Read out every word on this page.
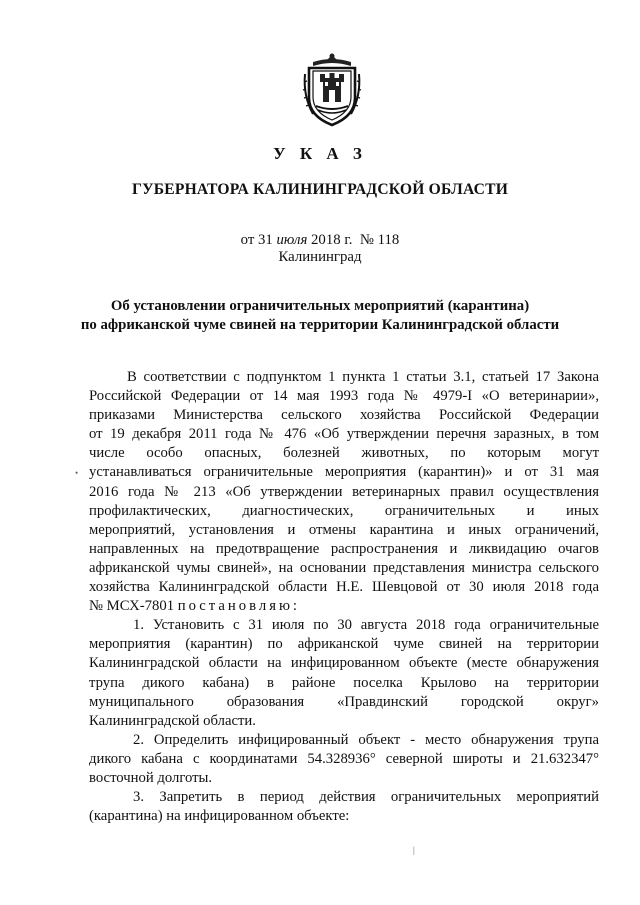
У К А З
ГУБЕРНАТОРА КАЛИНИНГРАДСКОЙ ОБЛАСТИ
от 31 июля 2018 г. № 118
Калининград
Об установлении ограничительных мероприятий (карантина)
по африканской чуме свиней на территории Калининградской области
В соответствии с подпунктом 1 пункта 1 статьи 3.1, статьей 17 Закона
Российской Федерации от 14 мая 1993 года № 4979-I «О ветеринарии»,
приказами Министерства сельского хозяйства Российской Федерации
от 19 декабря 2011 года № 476 «Об утверждении перечня заразных, в том
числе особо опасных, болезней животных, по которым могут
устанавливаться ограничительные мероприятия (карантин)» и от 31 мая
2016 года № 213 «Об утверждении ветеринарных правил осуществления
профилактических, диагностических, ограничительных и иных
мероприятий, установления и отмены карантина и иных ограничений,
направленных на предотвращение распространения и ликвидацию очагов
африканской чумы свиней», на основании представления министра сельского
хозяйства Калининградской области Н.Е. Шевцовой от 30 июля 2018 года
№ МСХ-7801 постановляю:
1. Установить с 31 июля по 30 августа 2018 года ограничительные
мероприятия (карантин) по африканской чуме свиней на территории
Калининградской области на инфицированном объекте (месте обнаружения
трупа дикого кабана) в районе поселка Крылово на территории
муниципального образования «Правдинский городской округ»
Калининградской области.
2. Определить инфицированный объект - место обнаружения трупа
дикого кабана с координатами 54.328936° северной широты и 21.632347°
восточной долготы.
3. Запретить в период действия ограничительных мероприятий
(карантина) на инфицированном объекте:
•
|
